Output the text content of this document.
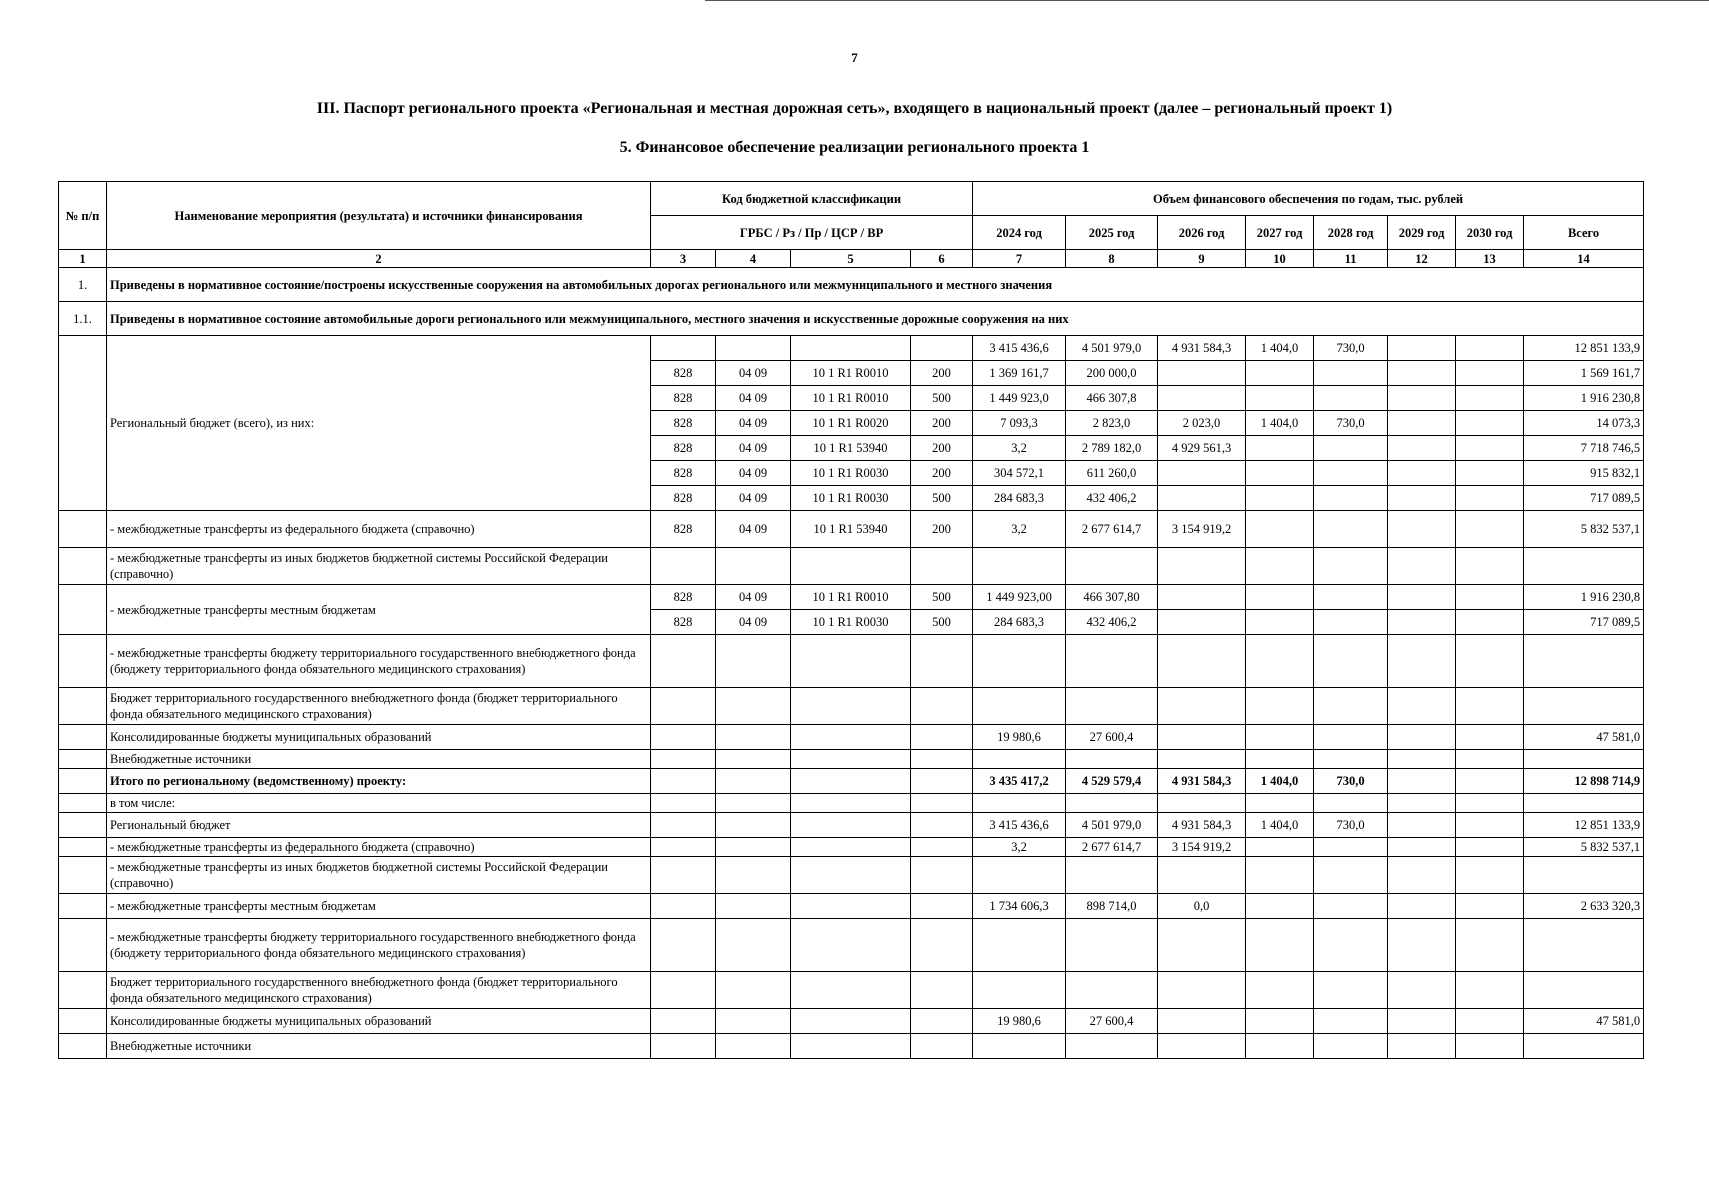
7
III. Паспорт регионального проекта «Региональная и местная дорожная сеть», входящего в национальный проект (далее – региональный проект 1)
5. Финансовое обеспечение реализации регионального проекта 1
№ п/п	Наименование мероприятия (результата) и источники финансирования	Код бюджетной классификации				Объем финансового обеспечения по годам, тыс. рублей							
		ГРБС / Рз / Пр / ЦСР / ВР				2024 год	2025 год	2026 год	2027 год	2028 год	2029 год	2030 год	Всего
1	2	3	4	5	6	7	8	9	10	11	12	13	14
1.	Приведены в нормативное состояние/построены искусственные сооружения на автомобильных дорогах регионального или межмуниципального и местного значения												
1.1.	Приведены в нормативное состояние автомобильные дороги регионального или межмуниципального, местного значения и искусственные дорожные сооружения на них												
	Региональный бюджет (всего), из них:					3 415 436,6	4 501 979,0	4 931 584,3	1 404,0	730,0			12 851 133,9
		828	04 09	10 1 R1 R0010	200	1 369 161,7	200 000,0						1 569 161,7
		828	04 09	10 1 R1 R0010	500	1 449 923,0	466 307,8						1 916 230,8
		828	04 09	10 1 R1 R0020	200	7 093,3	2 823,0	2 023,0	1 404,0	730,0			14 073,3
		828	04 09	10 1 R1 53940	200	3,2	2 789 182,0	4 929 561,3					7 718 746,5
		828	04 09	10 1 R1 R0030	200	304 572,1	611 260,0						915 832,1
		828	04 09	10 1 R1 R0030	500	284 683,3	432 406,2						717 089,5
	- межбюджетные трансферты из федерального бюджета (справочно)	828	04 09	10 1 R1 53940	200	3,2	2 677 614,7	3 154 919,2					5 832 537,1
	- межбюджетные трансферты из иных бюджетов бюджетной системы Российской Федерации (справочно)												
	- межбюджетные трансферты местным бюджетам	828	04 09	10 1 R1 R0010	500	1 449 923,00	466 307,80						1 916 230,8
		828	04 09	10 1 R1 R0030	500	284 683,3	432 406,2						717 089,5
	- межбюджетные трансферты бюджету территориального государственного внебюджетного фонда (бюджету территориального фонда обязательного медицинского страхования)												
	Бюджет территориального государственного внебюджетного фонда (бюджет территориального фонда обязательного медицинского страхования)												
	Консолидированные бюджеты муниципальных образований					19 980,6	27 600,4						47 581,0
	Внебюджетные источники												
	Итого по региональному (ведомственному) проекту:					3 435 417,2	4 529 579,4	4 931 584,3	1 404,0	730,0			12 898 714,9
	в том числе:												
	Региональный бюджет					3 415 436,6	4 501 979,0	4 931 584,3	1 404,0	730,0			12 851 133,9
	- межбюджетные трансферты из федерального бюджета (справочно)					3,2	2 677 614,7	3 154 919,2					5 832 537,1
	- межбюджетные трансферты из иных бюджетов бюджетной системы Российской Федерации (справочно)												
	- межбюджетные трансферты местным бюджетам					1 734 606,3	898 714,0	0,0					2 633 320,3
	- межбюджетные трансферты бюджету территориального государственного внебюджетного фонда (бюджету территориального фонда обязательного медицинского страхования)												
	Бюджет территориального государственного внебюджетного фонда (бюджет территориального фонда обязательного медицинского страхования)												
	Консолидированные бюджеты муниципальных образований					19 980,6	27 600,4						47 581,0
	Внебюджетные источники												
